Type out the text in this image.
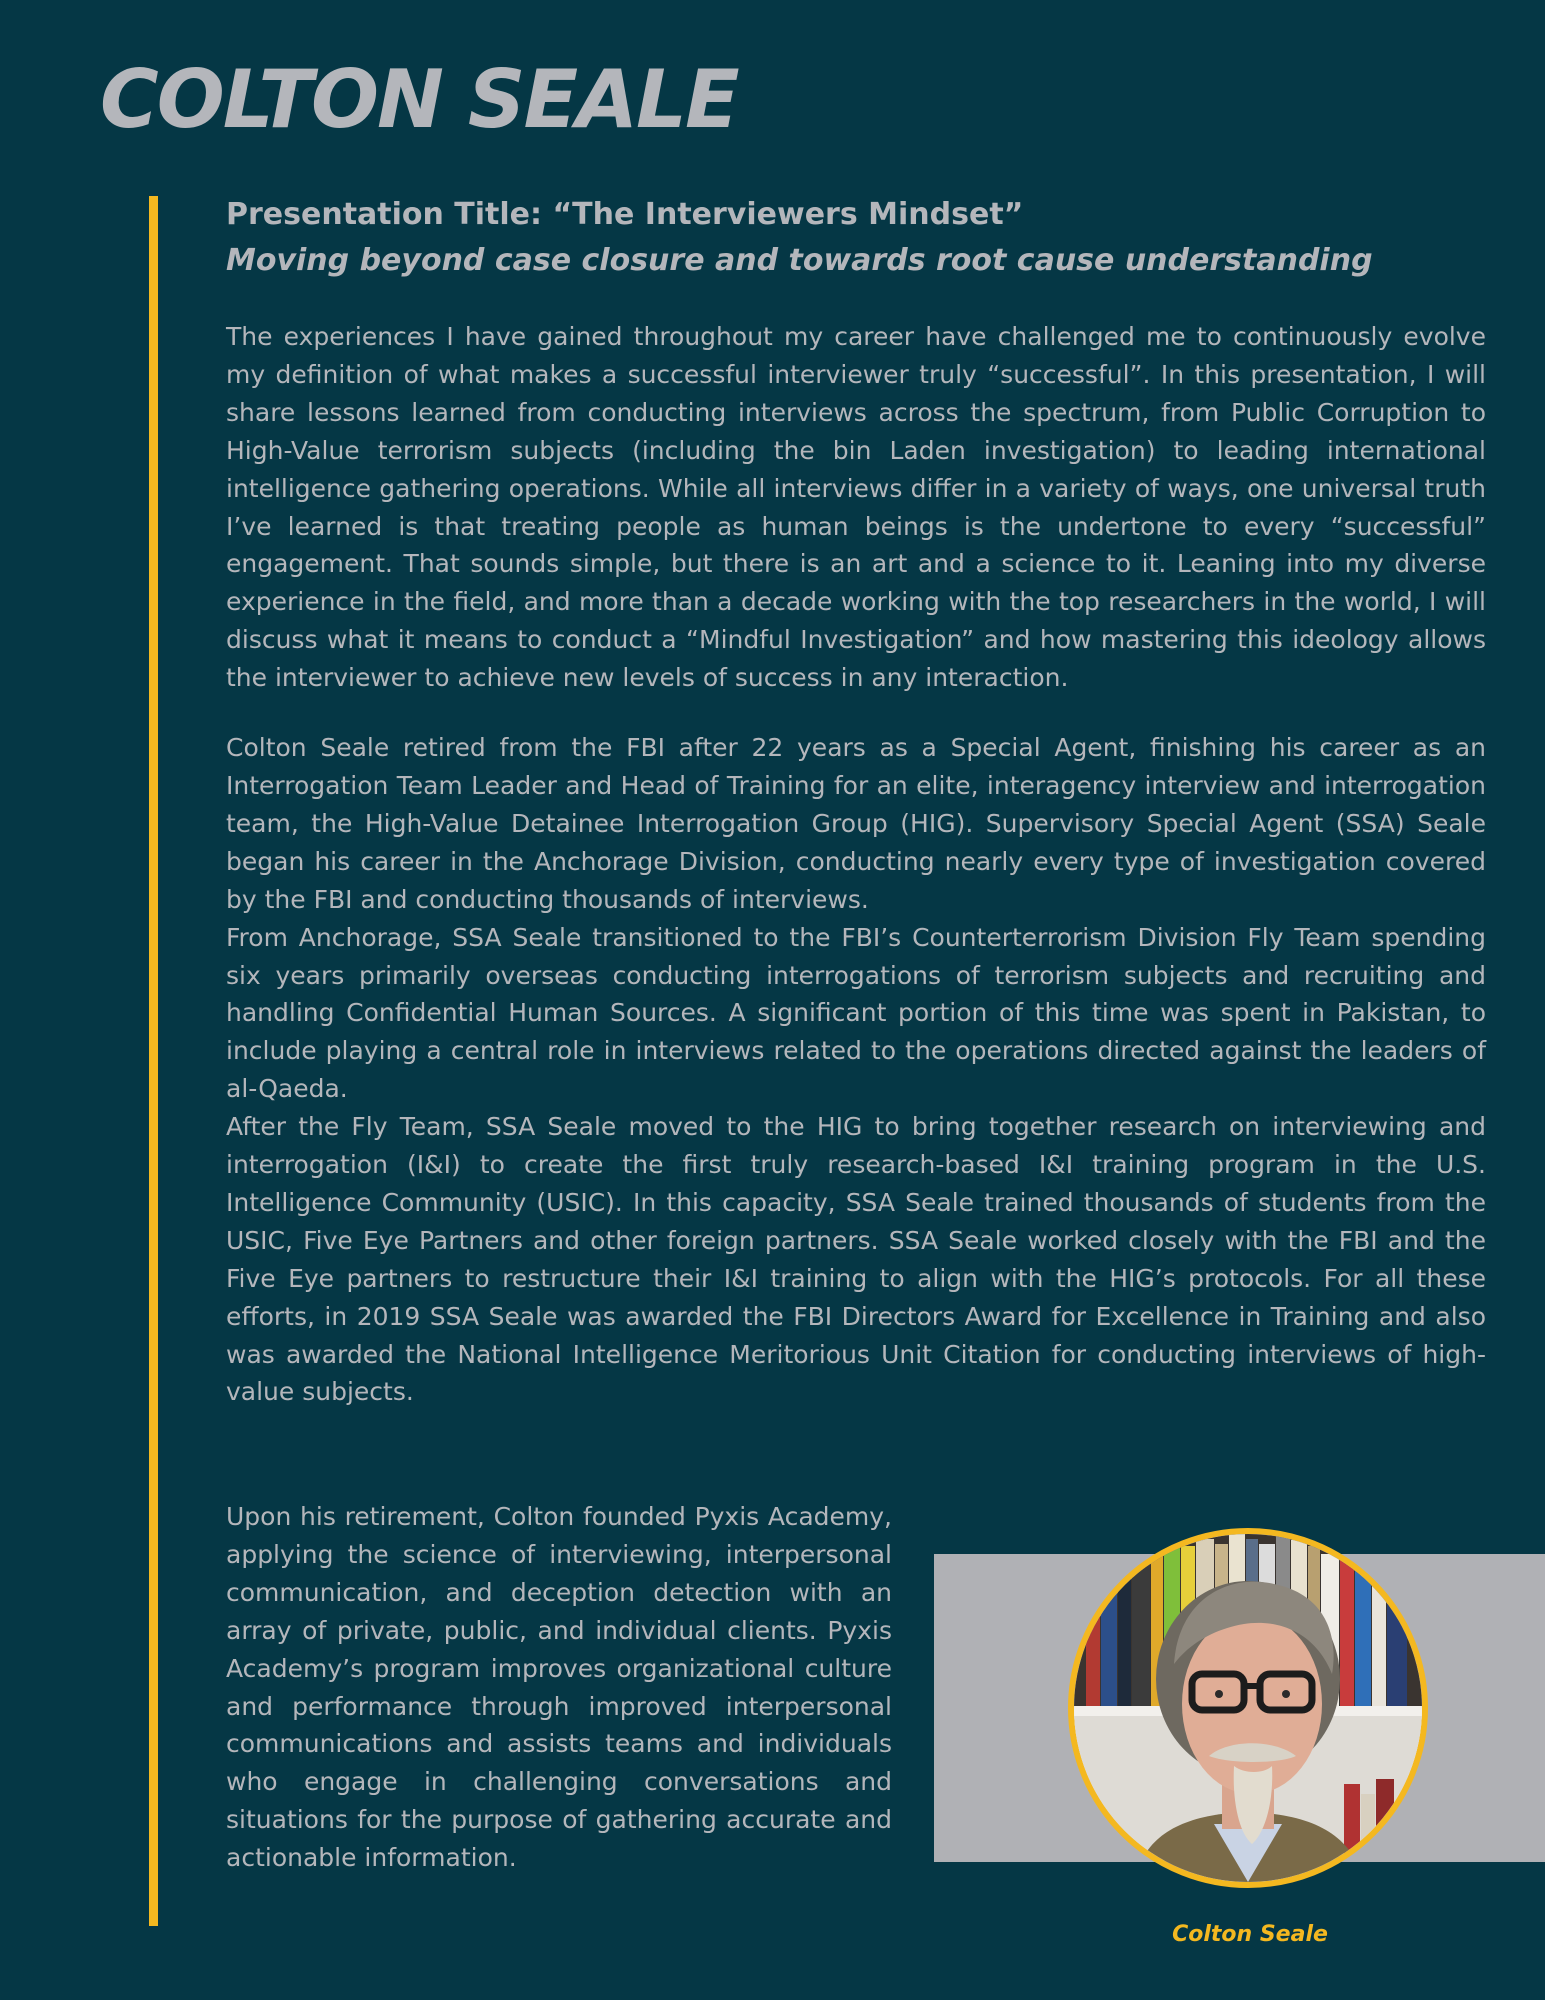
COLTON SEALE
Presentation Title: “The Interviewers Mindset”
Moving beyond case closure and towards root cause understanding

The experiences I have gained throughout my career have challenged me to continuously evolve my definition of what makes a successful interviewer truly “successful”. In this presentation, I will share lessons learned from conducting interviews across the spectrum, from Public Corruption to High-Value terrorism subjects (including the bin Laden investigation) to leading international intelligence gathering operations. While all interviews differ in a variety of ways, one universal truth I’ve learned is that treating people as human beings is the undertone to every “successful” engagement. That sounds simple, but there is an art and a science to it. Leaning into my diverse experience in the field, and more than a decade working with the top researchers in the world, I will discuss what it means to conduct a “Mindful Investigation” and how mastering this ideology allows the interviewer to achieve new levels of success in any interaction.

Colton Seale retired from the FBI after 22 years as a Special Agent, finishing his career as an Interrogation Team Leader and Head of Training for an elite, interagency interview and interrogation team, the High-Value Detainee Interrogation Group (HIG). Supervisory Special Agent (SSA) Seale began his career in the Anchorage Division, conducting nearly every type of investigation covered by the FBI and conducting thousands of interviews.

From Anchorage, SSA Seale transitioned to the FBI’s Counterterrorism Division Fly Team spending six years primarily overseas conducting interrogations of terrorism subjects and recruiting and handling Confidential Human Sources. A significant portion of this time was spent in Pakistan, to include playing a central role in interviews related to the operations directed against the leaders of al-Qaeda.

After the Fly Team, SSA Seale moved to the HIG to bring together research on interviewing and interrogation (I&I) to create the first truly research-based I&I training program in the U.S. Intelligence Community (USIC). In this capacity, SSA Seale trained thousands of students from the USIC, Five Eye Partners and other foreign partners. SSA Seale worked closely with the FBI and the Five Eye partners to restructure their I&I training to align with the HIG’s protocols. For all these efforts, in 2019 SSA Seale was awarded the FBI Directors Award for Excellence in Training and also was awarded the National Intelligence Meritorious Unit Citation for conducting interviews of high-value subjects.

Upon his retirement, Colton founded Pyxis Academy, applying the science of interviewing, interpersonal communication, and deception detection with an array of private, public, and individual clients. Pyxis Academy’s program improves organizational culture and performance through improved interpersonal communications and assists teams and individuals who engage in challenging conversations and situations for the purpose of gathering accurate and actionable information.

Colton Seale
